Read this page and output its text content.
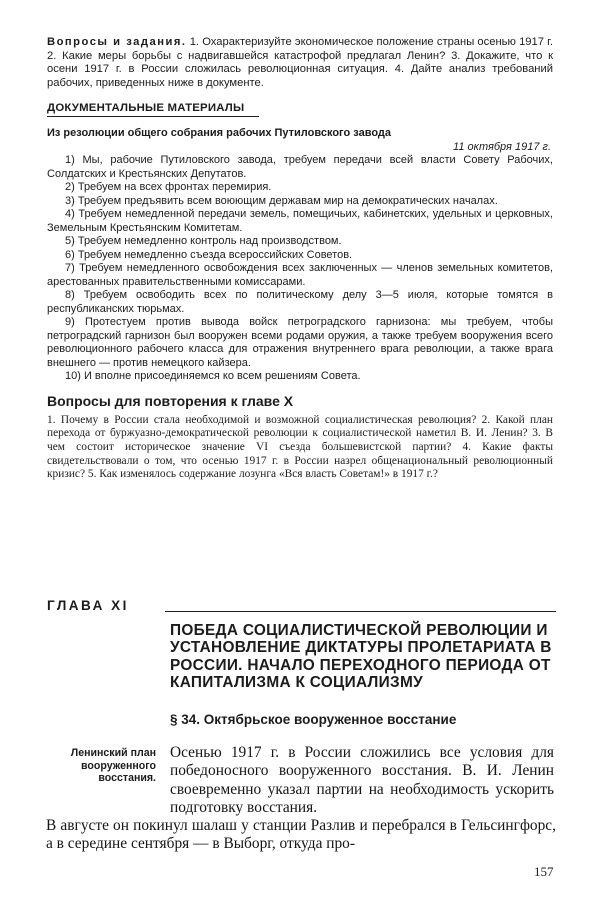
Вопросы и задания. 1. Охарактеризуйте экономическое положение страны осенью 1917 г. 2. Какие меры борьбы с надвигавшейся катастрофой предлагал Ленин? 3. Докажите, что к осени 1917 г. в России сложилась революционная ситуация. 4. Дайте анализ требований рабочих, приведенных ниже в документе.

ДОКУМЕНТАЛЬНЫЕ МАТЕРИАЛЫ
Из резолюции общего собрания рабочих Путиловского завода
11 октября 1917 г.
1) Мы, рабочие Путиловского завода, требуем передачи всей власти Совету Рабочих, Солдатских и Крестьянских Депутатов.
2) Требуем на всех фронтах перемирия.
3) Требуем предъявить всем воюющим державам мир на демократических началах.
4) Требуем немедленной передачи земель, помещичьих, кабинетских, удельных и церковных, Земельным Крестьянским Комитетам.
5) Требуем немедленно контроль над производством.
6) Требуем немедленно съезда всероссийских Советов.
7) Требуем немедленного освобождения всех заключенных — членов земельных комитетов, арестованных правительственными комиссарами.
8) Требуем освободить всех по политическому делу 3—5 июля, которые томятся в республиканских тюрьмах.
9) Протестуем против вывода войск петроградского гарнизона: мы требуем, чтобы петроградский гарнизон был вооружен всеми родами оружия, а также требуем вооружения всего революционного рабочего класса для отражения внутреннего врага революции, а также врага внешнего — против немецкого кайзера.
10) И вполне присоединяемся ко всем решениям Совета.
Вопросы для повторения к главе X

1. Почему в России стала необходимой и возможной социалистическая революция? 2. Какой план перехода от буржуазно-демократической революции к социалистической наметил В. И. Ленин? 3. В чем состоит историческое значение VI съезда большевистской партии? 4. Какие факты свидетельствовали о том, что осенью 1917 г. в России назрел общенациональный революционный кризис? 5. Как изменялось содержание лозунга «Вся власть Советам!» в 1917 г.?

ГЛАВА XI
ПОБЕДА СОЦИАЛИСТИЧЕСКОЙ РЕВОЛЮЦИИ И УСТАНОВЛЕНИЕ ДИКТАТУРЫ ПРОЛЕТАРИАТА В РОССИИ. НАЧАЛО ПЕРЕХОДНОГО ПЕРИОДА ОТ КАПИТАЛИЗМА К СОЦИАЛИЗМУ
§ 34. Октябрьское вооруженное восстание
Ленинский план вооруженного восстания.
Осенью 1917 г. в России сложились все условия для победоносного вооруженного восстания. В. И. Ленин своевременно указал партии на необходимость ускорить подготовку восстания.
В августе он покинул шалаш у станции Разлив и перебрался в Гельсингфорс, а в середине сентября — в Выборг, откуда про-
157
